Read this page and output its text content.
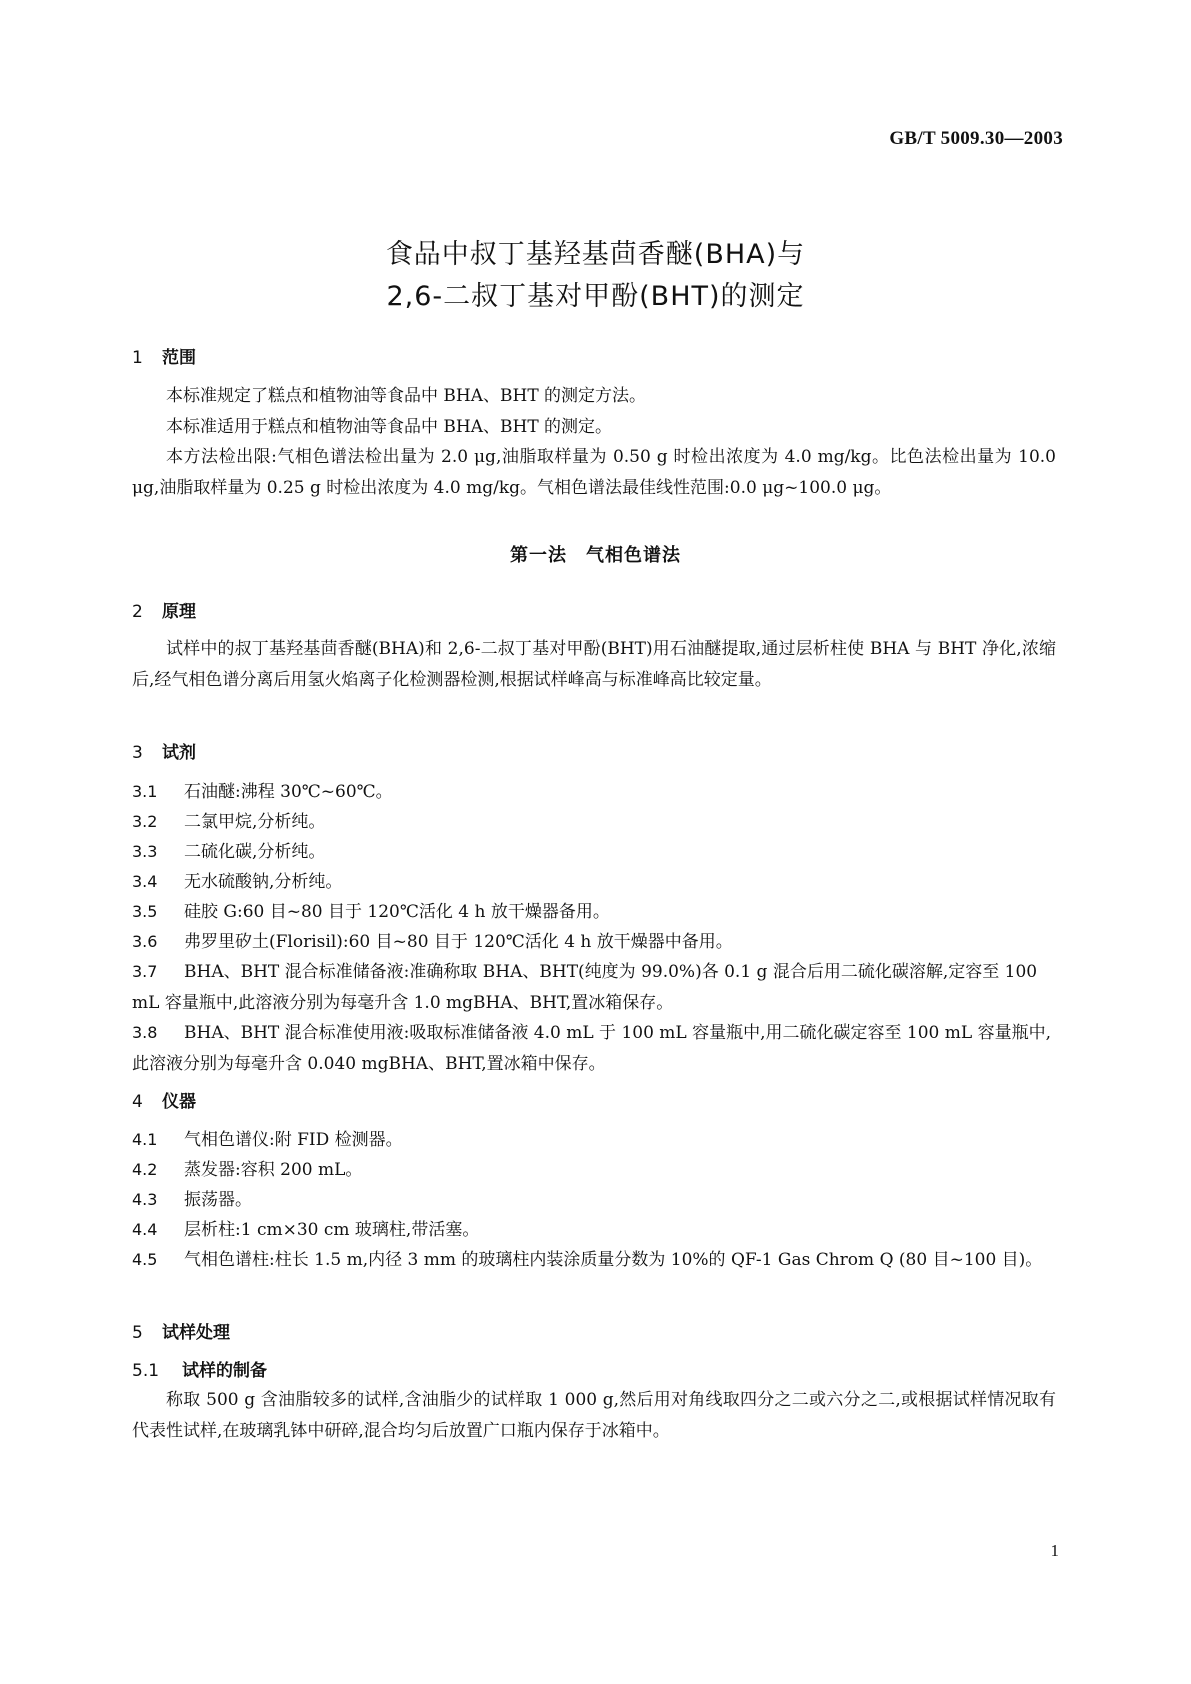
GB/T 5009.30—2003
食品中叔丁基羟基茴香醚(BHA)与
2,6-二叔丁基对甲酚(BHT)的测定
1 范围
本标准规定了糕点和植物油等食品中 BHA、BHT 的测定方法。
本标准适用于糕点和植物油等食品中 BHA、BHT 的测定。
本方法检出限:气相色谱法检出量为 2.0 μg,油脂取样量为 0.50 g 时检出浓度为 4.0 mg/kg。比色法检出量为 10.0 μg,油脂取样量为 0.25 g 时检出浓度为 4.0 mg/kg。气相色谱法最佳线性范围:0.0 μg~100.0 μg。
第一法　气相色谱法
2 原理
试样中的叔丁基羟基茴香醚(BHA)和 2,6-二叔丁基对甲酚(BHT)用石油醚提取,通过层析柱使 BHA 与 BHT 净化,浓缩后,经气相色谱分离后用氢火焰离子化检测器检测,根据试样峰高与标准峰高比较定量。
3 试剂
3.1 石油醚:沸程 30℃~60℃。
3.2 二氯甲烷,分析纯。
3.3 二硫化碳,分析纯。
3.4 无水硫酸钠,分析纯。
3.5 硅胶 G:60 目~80 目于 120℃活化 4 h 放干燥器备用。
3.6 弗罗里矽土(Florisil):60 目~80 目于 120℃活化 4 h 放干燥器中备用。
3.7 BHA、BHT 混合标准储备液:准确称取 BHA、BHT(纯度为 99.0%)各 0.1 g 混合后用二硫化碳溶解,定容至 100 mL 容量瓶中,此溶液分别为每毫升含 1.0 mgBHA、BHT,置冰箱保存。
3.8 BHA、BHT 混合标准使用液:吸取标准储备液 4.0 mL 于 100 mL 容量瓶中,用二硫化碳定容至 100 mL 容量瓶中,此溶液分别为每毫升含 0.040 mgBHA、BHT,置冰箱中保存。
4 仪器
4.1 气相色谱仪:附 FID 检测器。
4.2 蒸发器:容积 200 mL。
4.3 振荡器。
4.4 层析柱:1 cm×30 cm 玻璃柱,带活塞。
4.5 气相色谱柱:柱长 1.5 m,内径 3 mm 的玻璃柱内装涂质量分数为 10%的 QF-1 Gas Chrom Q (80 目~100 目)。
5 试样处理
5.1 试样的制备
称取 500 g 含油脂较多的试样,含油脂少的试样取 1 000 g,然后用对角线取四分之二或六分之二,或根据试样情况取有代表性试样,在玻璃乳钵中研碎,混合均匀后放置广口瓶内保存于冰箱中。
1
